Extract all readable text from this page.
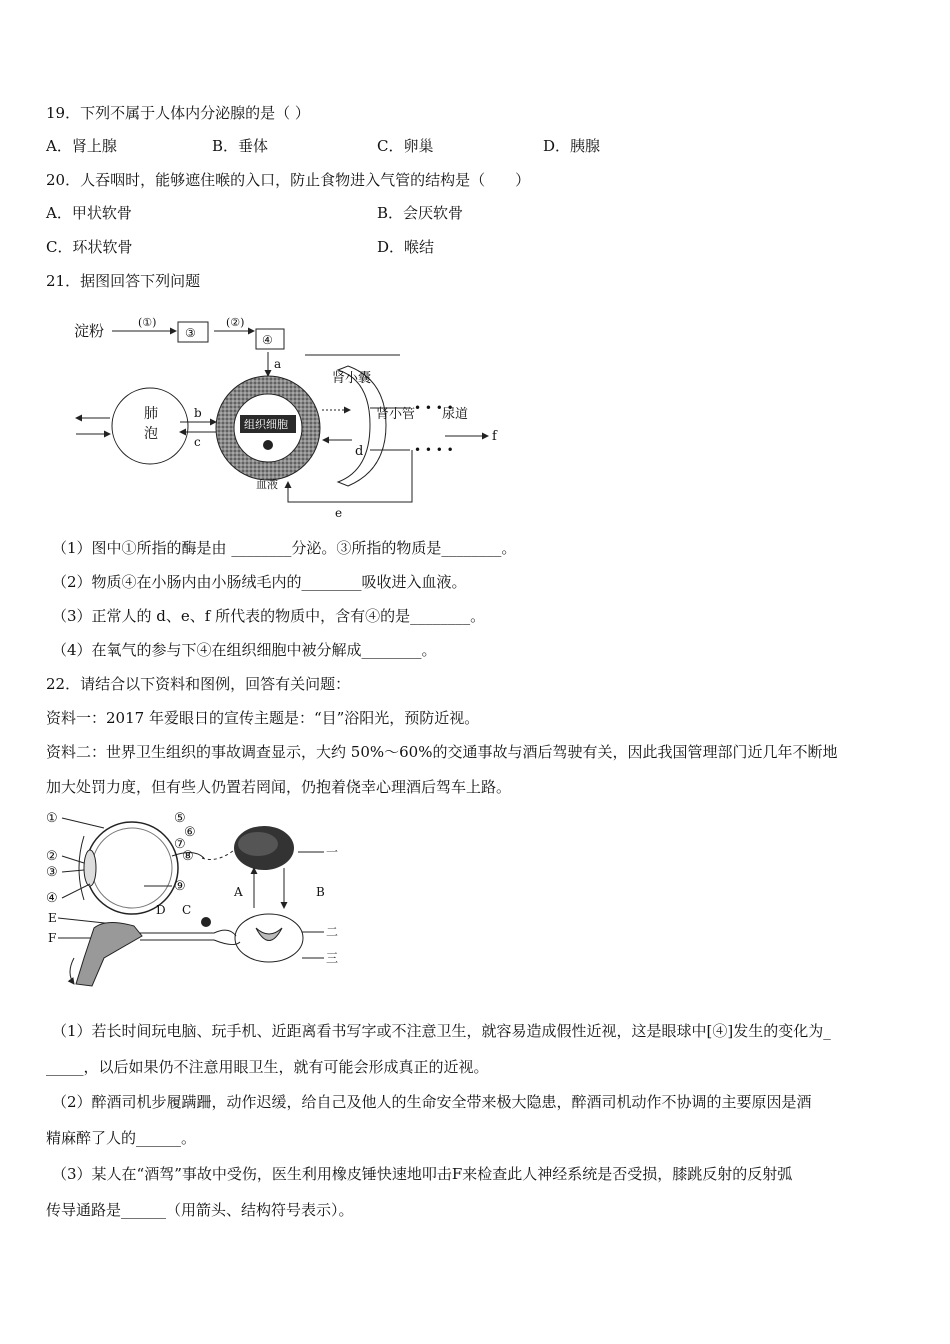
19．下列不属于人体内分泌腺的是（ ）
A．肾上腺	B．垂体	C．卵巢	D．胰腺
20．人吞咽时，能够遮住喉的入口，防止食物进入气管的结构是（　　）
A．甲状软骨	B．会厌软骨
C．环状软骨	D．喉结
21．据图回答下列问题
淀粉	(①)
③
(②)
④
a
肺
泡
b
c
组织细胞
血液
肾小囊
肾小管
• • • •
• • • •
尿道
f
d
e
（1）图中①所指的酶是由 ________分泌。③所指的物质是________。
（2）物质④在小肠内由小肠绒毛内的________吸收进入血液。
（3）正常人的 d、e、f 所代表的物质中，含有④的是________。
（4）在氧气的参与下④在组织细胞中被分解成________。
22．请结合以下资料和图例，回答有关问题：
资料一：2017 年爱眼日的宣传主题是：“目”浴阳光，预防近视。
资料二：世界卫生组织的事故调查显示，大约 50%～60%的交通事故与酒后驾驶有关，因此我国管理部门近几年不断地
加大处罚力度，但有些人仍置若罔闻，仍抱着侥幸心理酒后驾车上路。
①
②
③
④
⑤
⑥
⑦
⑧
⑨
一
A	B
二
三
D C
E
F
（1）若长时间玩电脑、玩手机、近距离看书写字或不注意卫生，就容易造成假性近视，这是眼球中[④]发生的变化为_
_____，以后如果仍不注意用眼卫生，就有可能会形成真正的近视。
（2）醉酒司机步履蹒跚，动作迟缓，给自己及他人的生命安全带来极大隐患，醉酒司机动作不协调的主要原因是酒
精麻醉了人的______。
（3）某人在“酒驾”事故中受伤，医生利用橡皮锤快速地叩击F来检查此人神经系统是否受损，膝跳反射的反射弧
传导通路是______（用箭头、结构符号表示）。
